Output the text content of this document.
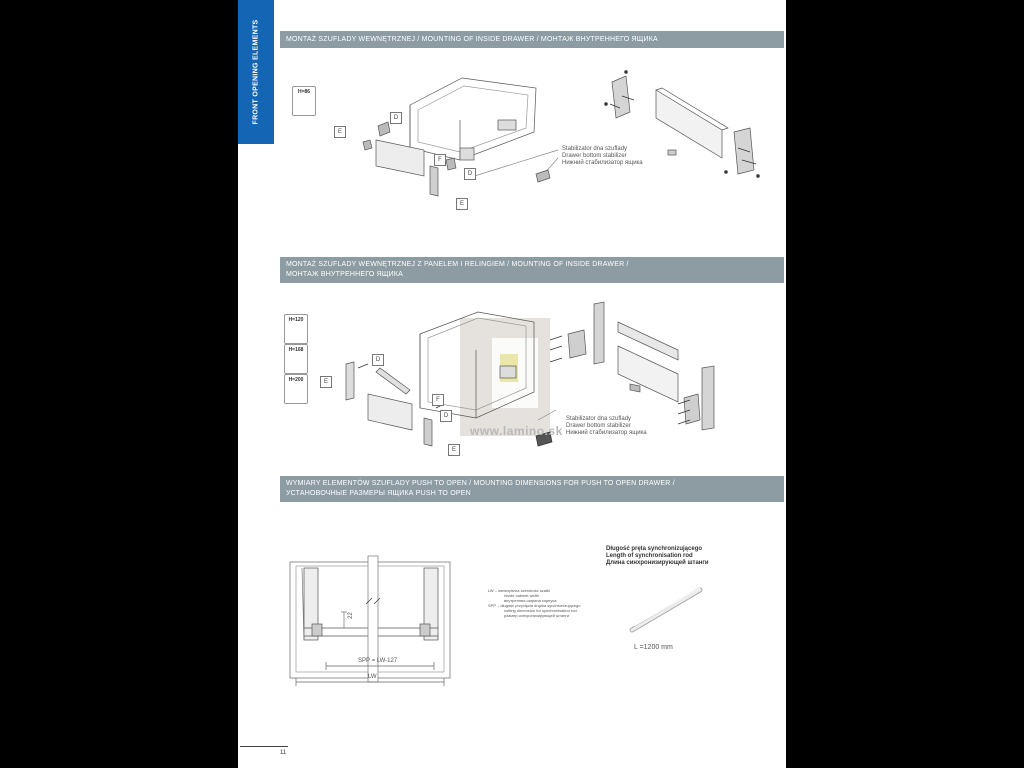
FRONT OPENING ELEMENTS	MONTAŻ SZUFLADY WEWNĘTRZNEJ / MOUNTING OF INSIDE DRAWER / МОНТАЖ ВНУТРЕННЕГО ЯЩИКА
MONTAŻ SZUFLADY WEWNĘTRZNEJ Z PANELEM I RELINGIEM / MOUNTING OF INSIDE DRAWER /
МОНТАЖ ВНУТРЕННЕГО ЯЩИКА
WYMIARY ELEMENTÓW SZUFLADY PUSH TO OPEN / MOUNTING DIMENSIONS FOR PUSH TO OPEN DRAWER /
УСТАНОВОЧНЫЕ РАЗМЕРЫ ЯЩИКА PUSH TO OPEN
H=86
E
D
F
D
E
Stabilizator dna szuflady
Drawer bottom stabilizer
Нижний стабилизатор ящика
H=120
H=168
H=200	E
D
F
D
E
Stabilizator dna szuflady
Drawer bottom stabilizer
Нижний стабилизатор ящика
www.lamino.sk
22
SPP = LW-127
LW
LW – wewnętrzna szerokość szafki
inside cabinet width
внутренняя ширина корпуса
SPP – długość przycięcia drążka synchronizującego
cutting dimension for synchronisation rod
размер синхронизирующей штанги
Długość pręta synchronizującego
Length of synchronisation rod
Длина синхронизирующей штанги
L =1200 mm
11
